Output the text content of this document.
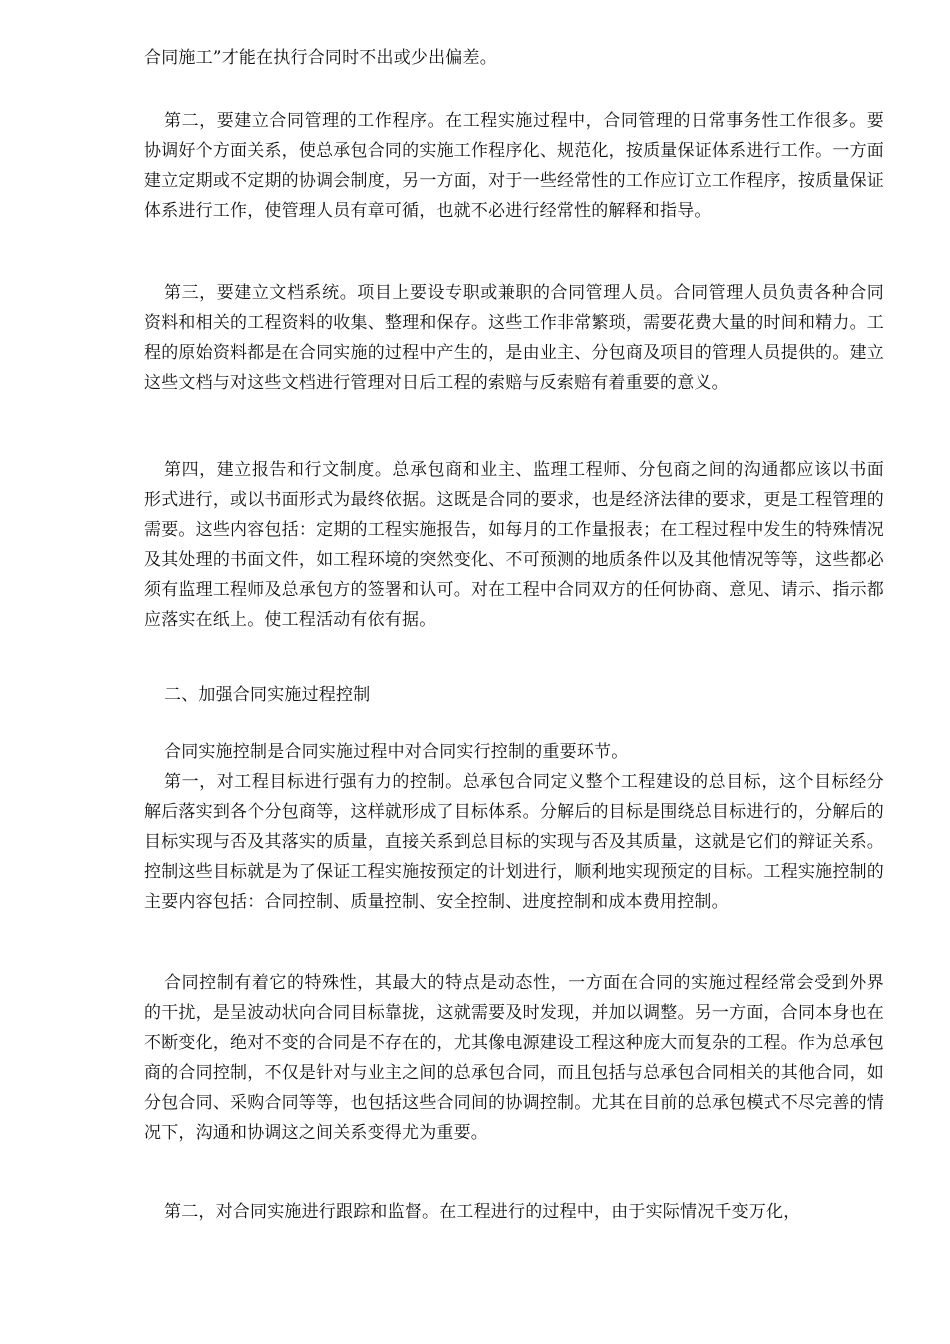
合同施工”才能在执行合同时不出或少出偏差。

第二，要建立合同管理的工作程序。在工程实施过程中，合同管理的日常事务性工作很多。要协调好个方面关系，使总承包合同的实施工作程序化、规范化，按质量保证体系进行工作。一方面建立定期或不定期的协调会制度，另一方面，对于一些经常性的工作应订立工作程序，按质量保证体系进行工作，使管理人员有章可循，也就不必进行经常性的解释和指导。

第三，要建立文档系统。项目上要设专职或兼职的合同管理人员。合同管理人员负责各种合同资料和相关的工程资料的收集、整理和保存。这些工作非常繁琐，需要花费大量的时间和精力。工程的原始资料都是在合同实施的过程中产生的，是由业主、分包商及项目的管理人员提供的。建立这些文档与对这些文档进行管理对日后工程的索赔与反索赔有着重要的意义。

第四，建立报告和行文制度。总承包商和业主、监理工程师、分包商之间的沟通都应该以书面形式进行，或以书面形式为最终依据。这既是合同的要求，也是经济法律的要求，更是工程管理的需要。这些内容包括：定期的工程实施报告，如每月的工作量报表；在工程过程中发生的特殊情况及其处理的书面文件，如工程环境的突然变化、不可预测的地质条件以及其他情况等等，这些都必须有监理工程师及总承包方的签署和认可。对在工程中合同双方的任何协商、意见、请示、指示都应落实在纸上。使工程活动有依有据。

二、加强合同实施过程控制

合同实施控制是合同实施过程中对合同实行控制的重要环节。

第一，对工程目标进行强有力的控制。总承包合同定义整个工程建设的总目标，这个目标经分解后落实到各个分包商等，这样就形成了目标体系。分解后的目标是围绕总目标进行的，分解后的目标实现与否及其落实的质量，直接关系到总目标的实现与否及其质量，这就是它们的辩证关系。控制这些目标就是为了保证工程实施按预定的计划进行，顺利地实现预定的目标。工程实施控制的主要内容包括：合同控制、质量控制、安全控制、进度控制和成本费用控制。

合同控制有着它的特殊性，其最大的特点是动态性，一方面在合同的实施过程经常会受到外界的干扰，是呈波动状向合同目标靠拢，这就需要及时发现，并加以调整。另一方面，合同本身也在不断变化，绝对不变的合同是不存在的，尤其像电源建设工程这种庞大而复杂的工程。作为总承包商的合同控制，不仅是针对与业主之间的总承包合同，而且包括与总承包合同相关的其他合同，如分包合同、采购合同等等，也包括这些合同间的协调控制。尤其在目前的总承包模式不尽完善的情况下，沟通和协调这之间关系变得尤为重要。

第二，对合同实施进行跟踪和监督。在工程进行的过程中，由于实际情况千变万化，
